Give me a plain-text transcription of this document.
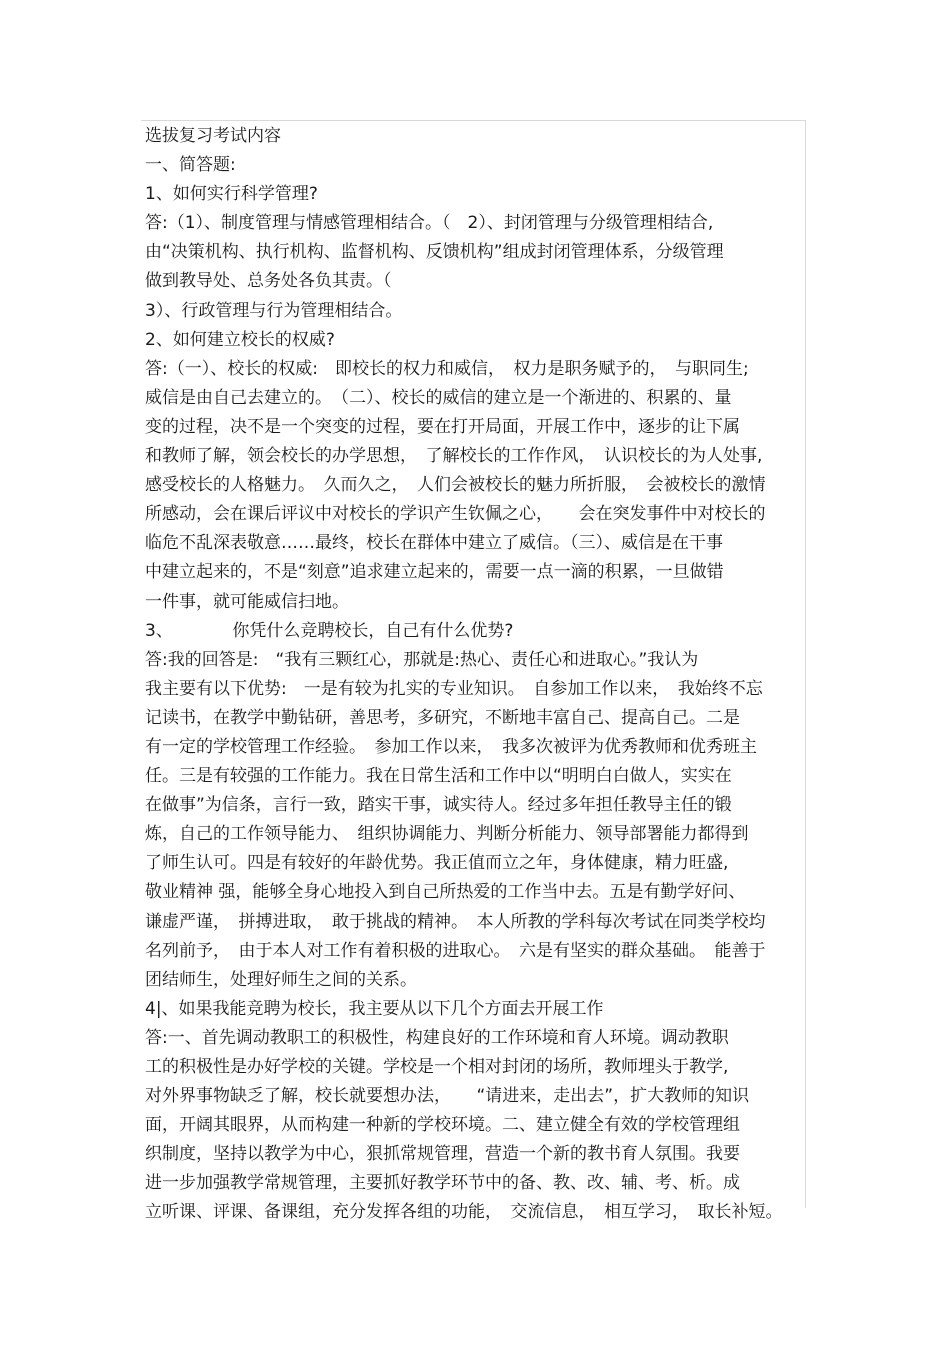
选拔复习考试内容
一、简答题:
1、如何实行科学管理?
答:（1）、制度管理与情感管理相结合。（　2）、封闭管理与分级管理相结合,
由“决策机构、执行机构、监督机构、反馈机构”组成封闭管理体系，分级管理
做到教导处、总务处各负其责。（
3）、行政管理与行为管理相结合。
2、如何建立校长的权威?
答:（一）、校长的权威:　即校长的权力和威信，　权力是职务赋予的，　与职同生;
威信是由自己去建立的。　（二）、校长的威信的建立是一个渐进的、积累的、量
变的过程，决不是一个突变的过程，要在打开局面，开展工作中，逐步的让下属
和教师了解，领会校长的办学思想，　了解校长的工作作风，　认识校长的为人处事,
感受校长的人格魅力。　久而久之，　人们会被校长的魅力所折服，　会被校长的激情
所感动，会在课后评议中对校长的学识产生钦佩之心，　　会在突发事件中对校长的
临危不乱深表敬意……最终，校长在群体中建立了威信。（三）、威信是在干事
中建立起来的，不是“刻意”追求建立起来的，需要一点一滴的积累，一旦做错
一件事，就可能威信扫地。
3、　　　　你凭什么竞聘校长，自己有什么优势?
答:我的回答是:　“我有三颗红心，那就是:热心、责任心和进取心。”我认为
我主要有以下优势:　一是有较为扎实的专业知识。　自参加工作以来，　我始终不忘
记读书，在教学中勤钻研，善思考，多研究，不断地丰富自己、提高自己。二是
有一定的学校管理工作经验。　参加工作以来，　我多次被评为优秀教师和优秀班主
任。三是有较强的工作能力。我在日常生活和工作中以“明明白白做人，实实在
在做事”为信条，言行一致，踏实干事，诚实待人。经过多年担任教导主任的锻
炼，自己的工作领导能力、　组织协调能力、判断分析能力、领导部署能力都得到
了师生认可。四是有较好的年龄优势。我正值而立之年，身体健康，精力旺盛,
敬业精神 强，能够全身心地投入到自己所热爱的工作当中去。五是有勤学好问、
谦虚严谨，　拼搏进取，　敢于挑战的精神。　本人所教的学科每次考试在同类学校均
名列前予，　由于本人对工作有着积极的进取心。　六是有坚实的群众基础。　能善于
团结师生，处理好师生之间的关系。
4|、如果我能竞聘为校长，我主要从以下几个方面去开展工作
答:一、首先调动教职工的积极性，构建良好的工作环境和育人环境。调动教职
工的积极性是办好学校的关键。学校是一个相对封闭的场所，教师埋头于教学,
对外界事物缺乏了解，校长就要想办法，　　“请进来，走出去”，扩大教师的知识
面，开阔其眼界，从而构建一种新的学校环境。二、建立健全有效的学校管理组
织制度，坚持以教学为中心，狠抓常规管理，营造一个新的教书育人氛围。我要
进一步加强教学常规管理，主要抓好教学环节中的备、教、改、辅、考、析。成
立听课、评课、备课组，充分发挥各组的功能，　交流信息，　相互学习，　取长补短。
